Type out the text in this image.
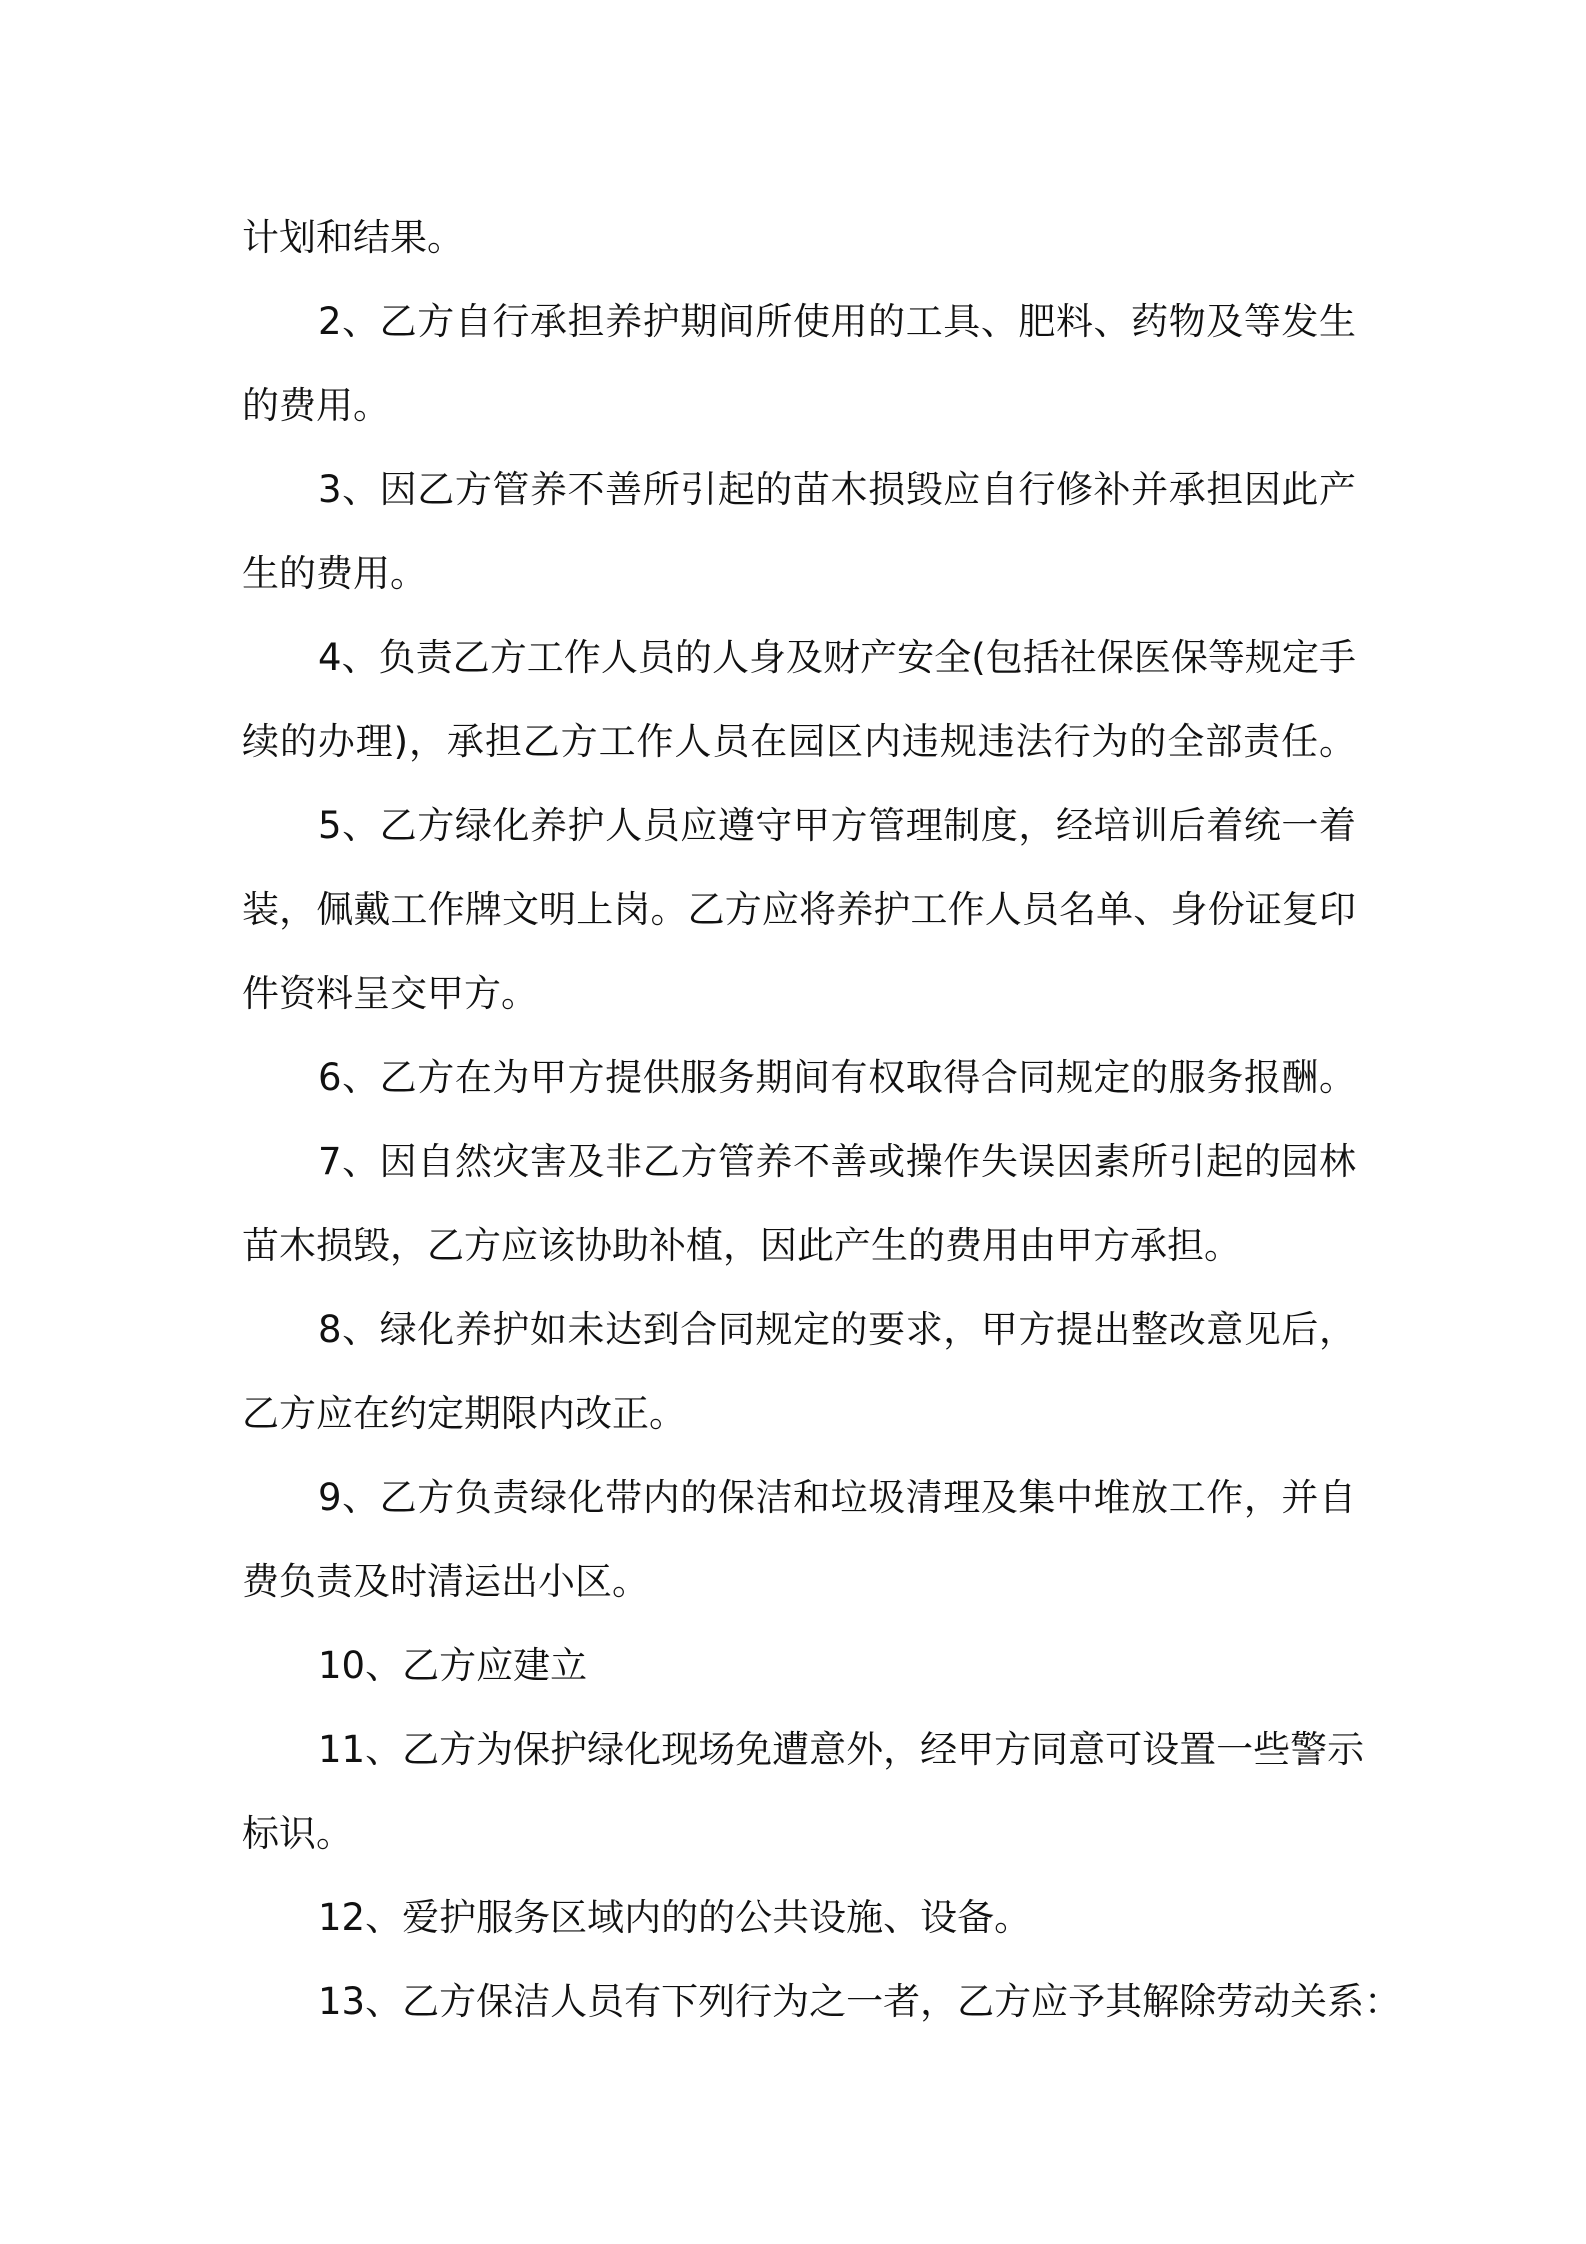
计划和结果。
2、乙方自行承担养护期间所使用的工具、肥料、药物及等发生
的费用。
3、因乙方管养不善所引起的苗木损毁应自行修补并承担因此产
生的费用。
4、负责乙方工作人员的人身及财产安全(包括社保医保等规定手
续的办理)，承担乙方工作人员在园区内违规违法行为的全部责任。
5、乙方绿化养护人员应遵守甲方管理制度，经培训后着统一着
装，佩戴工作牌文明上岗。乙方应将养护工作人员名单、身份证复印
件资料呈交甲方。
6、乙方在为甲方提供服务期间有权取得合同规定的服务报酬。
7、因自然灾害及非乙方管养不善或操作失误因素所引起的园林
苗木损毁，乙方应该协助补植，因此产生的费用由甲方承担。
8、绿化养护如未达到合同规定的要求，甲方提出整改意见后，
乙方应在约定期限内改正。
9、乙方负责绿化带内的保洁和垃圾清理及集中堆放工作，并自
费负责及时清运出小区。
10、乙方应建立
11、乙方为保护绿化现场免遭意外，经甲方同意可设置一些警示
标识。
12、爱护服务区域内的的公共设施、设备。
13、乙方保洁人员有下列行为之一者，乙方应予其解除劳动关系：
